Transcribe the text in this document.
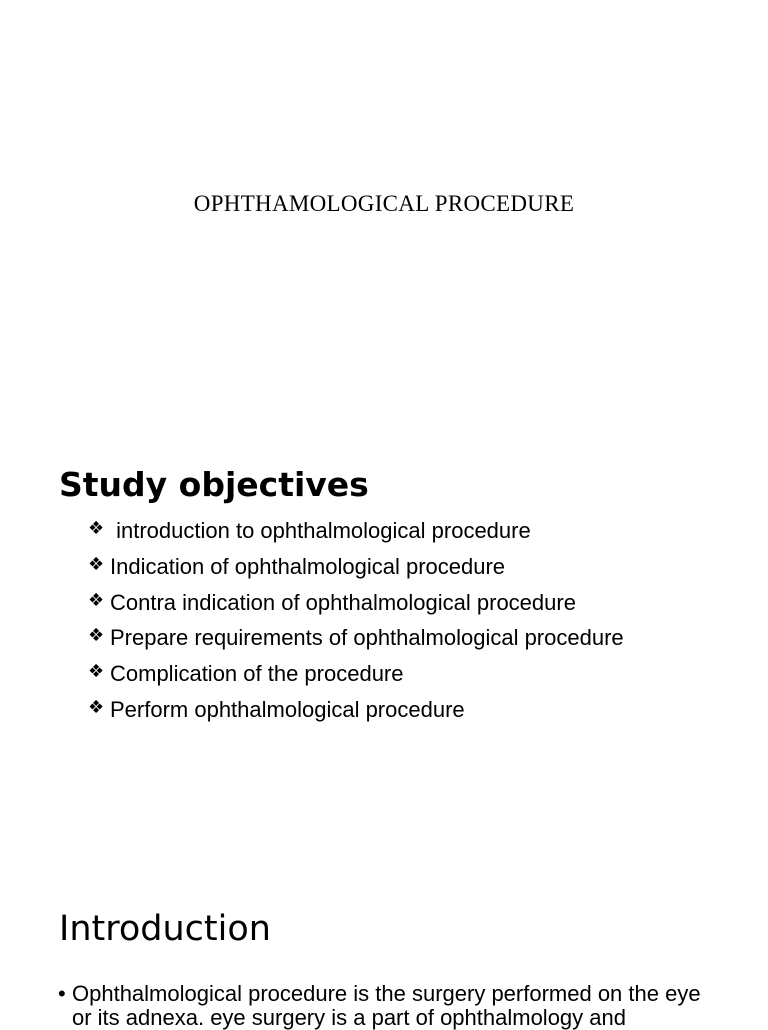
OPHTHAMOLOGICAL PROCEDURE
Study objectives
❖ introduction to ophthalmological procedure
❖ Indication of ophthalmological procedure
❖ Contra indication of ophthalmological procedure
❖ Prepare requirements of ophthalmological procedure
❖ Complication of the procedure
❖ Perform ophthalmological procedure
Introduction

• Ophthalmological procedure is the surgery performed on the eye or its adnexa. eye surgery is a part of ophthalmology and
